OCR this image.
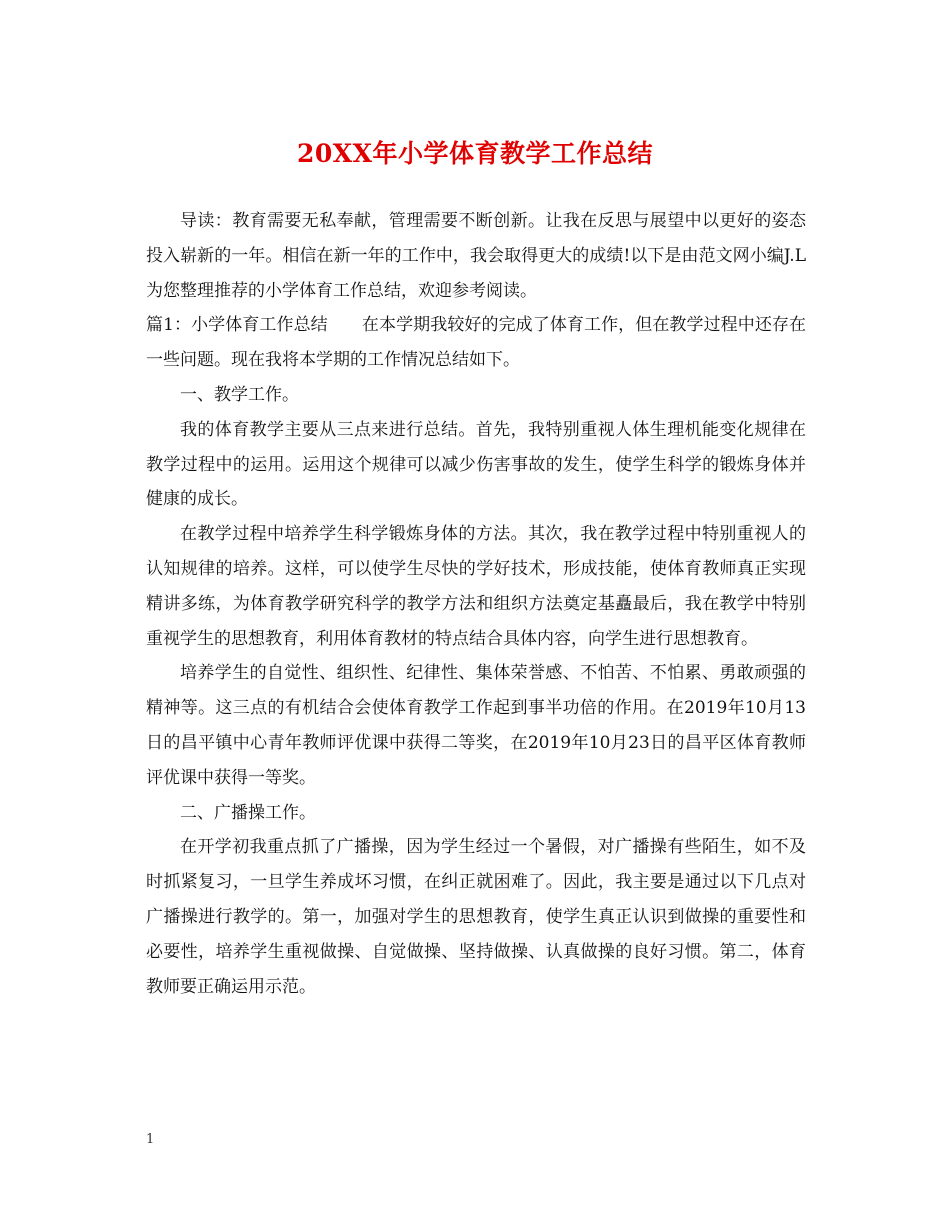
20XX年小学体育教学工作总结

导读：教育需要无私奉献，管理需要不断创新。让我在反思与展望中以更好的姿态投入崭新的一年。相信在新一年的工作中，我会取得更大的成绩!以下是由范文网小编J.L为您整理推荐的小学体育工作总结，欢迎参考阅读。

篇1：小学体育工作总结　　在本学期我较好的完成了体育工作，但在教学过程中还存在一些问题。现在我将本学期的工作情况总结如下。

一、教学工作。

我的体育教学主要从三点来进行总结。首先，我特别重视人体生理机能变化规律在教学过程中的运用。运用这个规律可以减少伤害事故的发生，使学生科学的锻炼身体并健康的成长。

在教学过程中培养学生科学锻炼身体的方法。其次，我在教学过程中特别重视人的认知规律的培养。这样，可以使学生尽快的学好技术，形成技能，使体育教师真正实现精讲多练，为体育教学研究科学的教学方法和组织方法奠定基矗最后，我在教学中特别重视学生的思想教育，利用体育教材的特点结合具体内容，向学生进行思想教育。

培养学生的自觉性、组织性、纪律性、集体荣誉感、不怕苦、不怕累、勇敢顽强的精神等。这三点的有机结合会使体育教学工作起到事半功倍的作用。在2019年10月13日的昌平镇中心青年教师评优课中获得二等奖，在2019年10月23日的昌平区体育教师评优课中获得一等奖。

二、广播操工作。

在开学初我重点抓了广播操，因为学生经过一个暑假，对广播操有些陌生，如不及时抓紧复习，一旦学生养成坏习惯，在纠正就困难了。因此，我主要是通过以下几点对广播操进行教学的。第一，加强对学生的思想教育，使学生真正认识到做操的重要性和必要性，培养学生重视做操、自觉做操、坚持做操、认真做操的良好习惯。第二，体育教师要正确运用示范。

1
